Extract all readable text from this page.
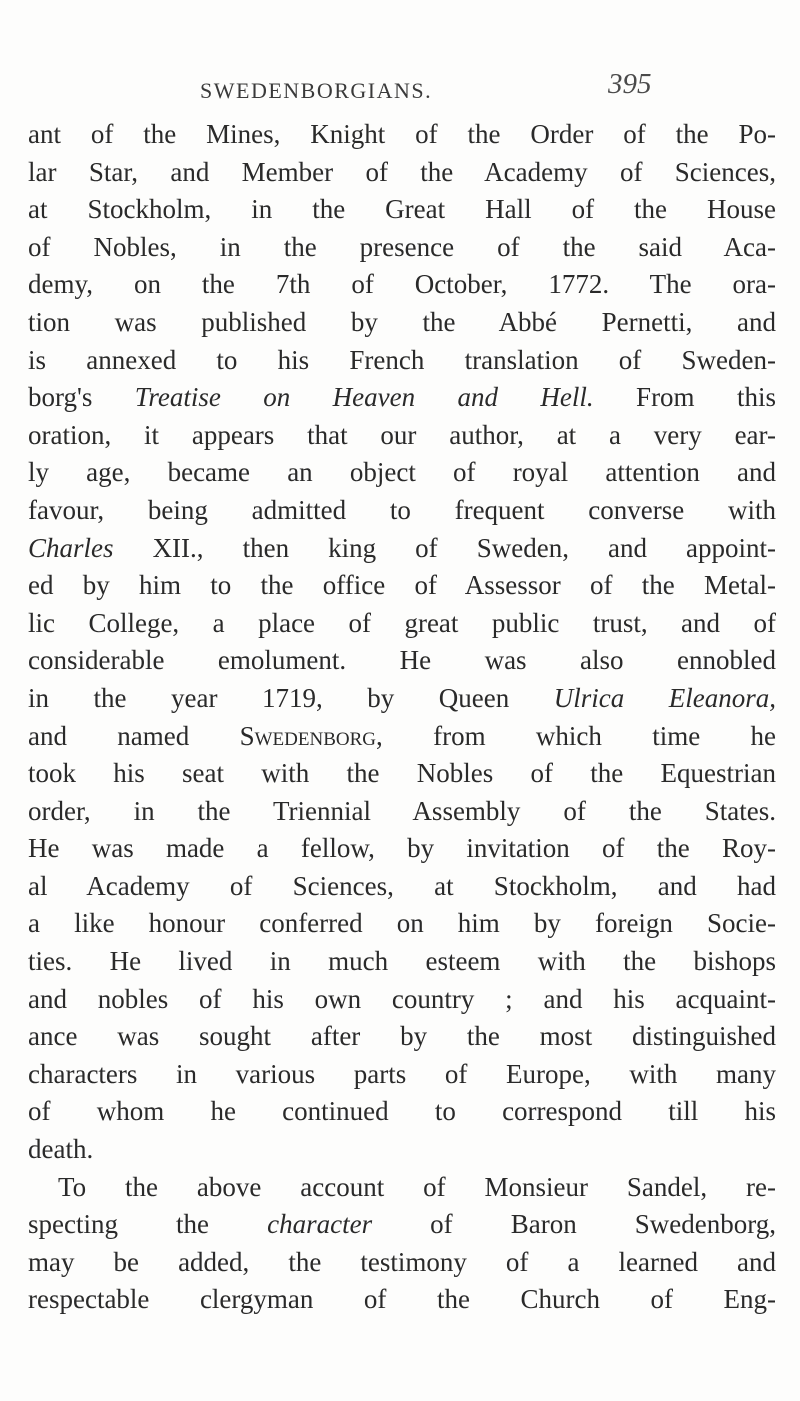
SWEDENBORGIANS.	395
ant of the Mines, Knight of the Order of the Po-
lar Star, and Member of the Academy of Sciences,
at Stockholm, in the Great Hall of the House
of Nobles, in the presence of the said Aca-
demy, on the 7th of October, 1772. The ora-
tion was published by the Abbé Pernetti, and
is annexed to his French translation of Sweden-
borg's Treatise on Heaven and Hell. From this
oration, it appears that our author, at a very ear-
ly age, became an object of royal attention and
favour, being admitted to frequent converse with
Charles XII., then king of Sweden, and appoint-
ed by him to the office of Assessor of the Metal-
lic College, a place of great public trust, and of
considerable emolument. He was also ennobled
in the year 1719, by Queen Ulrica Eleanora,
and named Swedenborg, from which time he
took his seat with the Nobles of the Equestrian
order, in the Triennial Assembly of the States.
He was made a fellow, by invitation of the Roy-
al Academy of Sciences, at Stockholm, and had
a like honour conferred on him by foreign Socie-
ties. He lived in much esteem with the bishops
and nobles of his own country ; and his acquaint-
ance was sought after by the most distinguished
characters in various parts of Europe, with many
of whom he continued to correspond till his
death.
To the above account of Monsieur Sandel, re-
specting the character of Baron Swedenborg,
may be added, the testimony of a learned and
respectable clergyman of the Church of Eng-
